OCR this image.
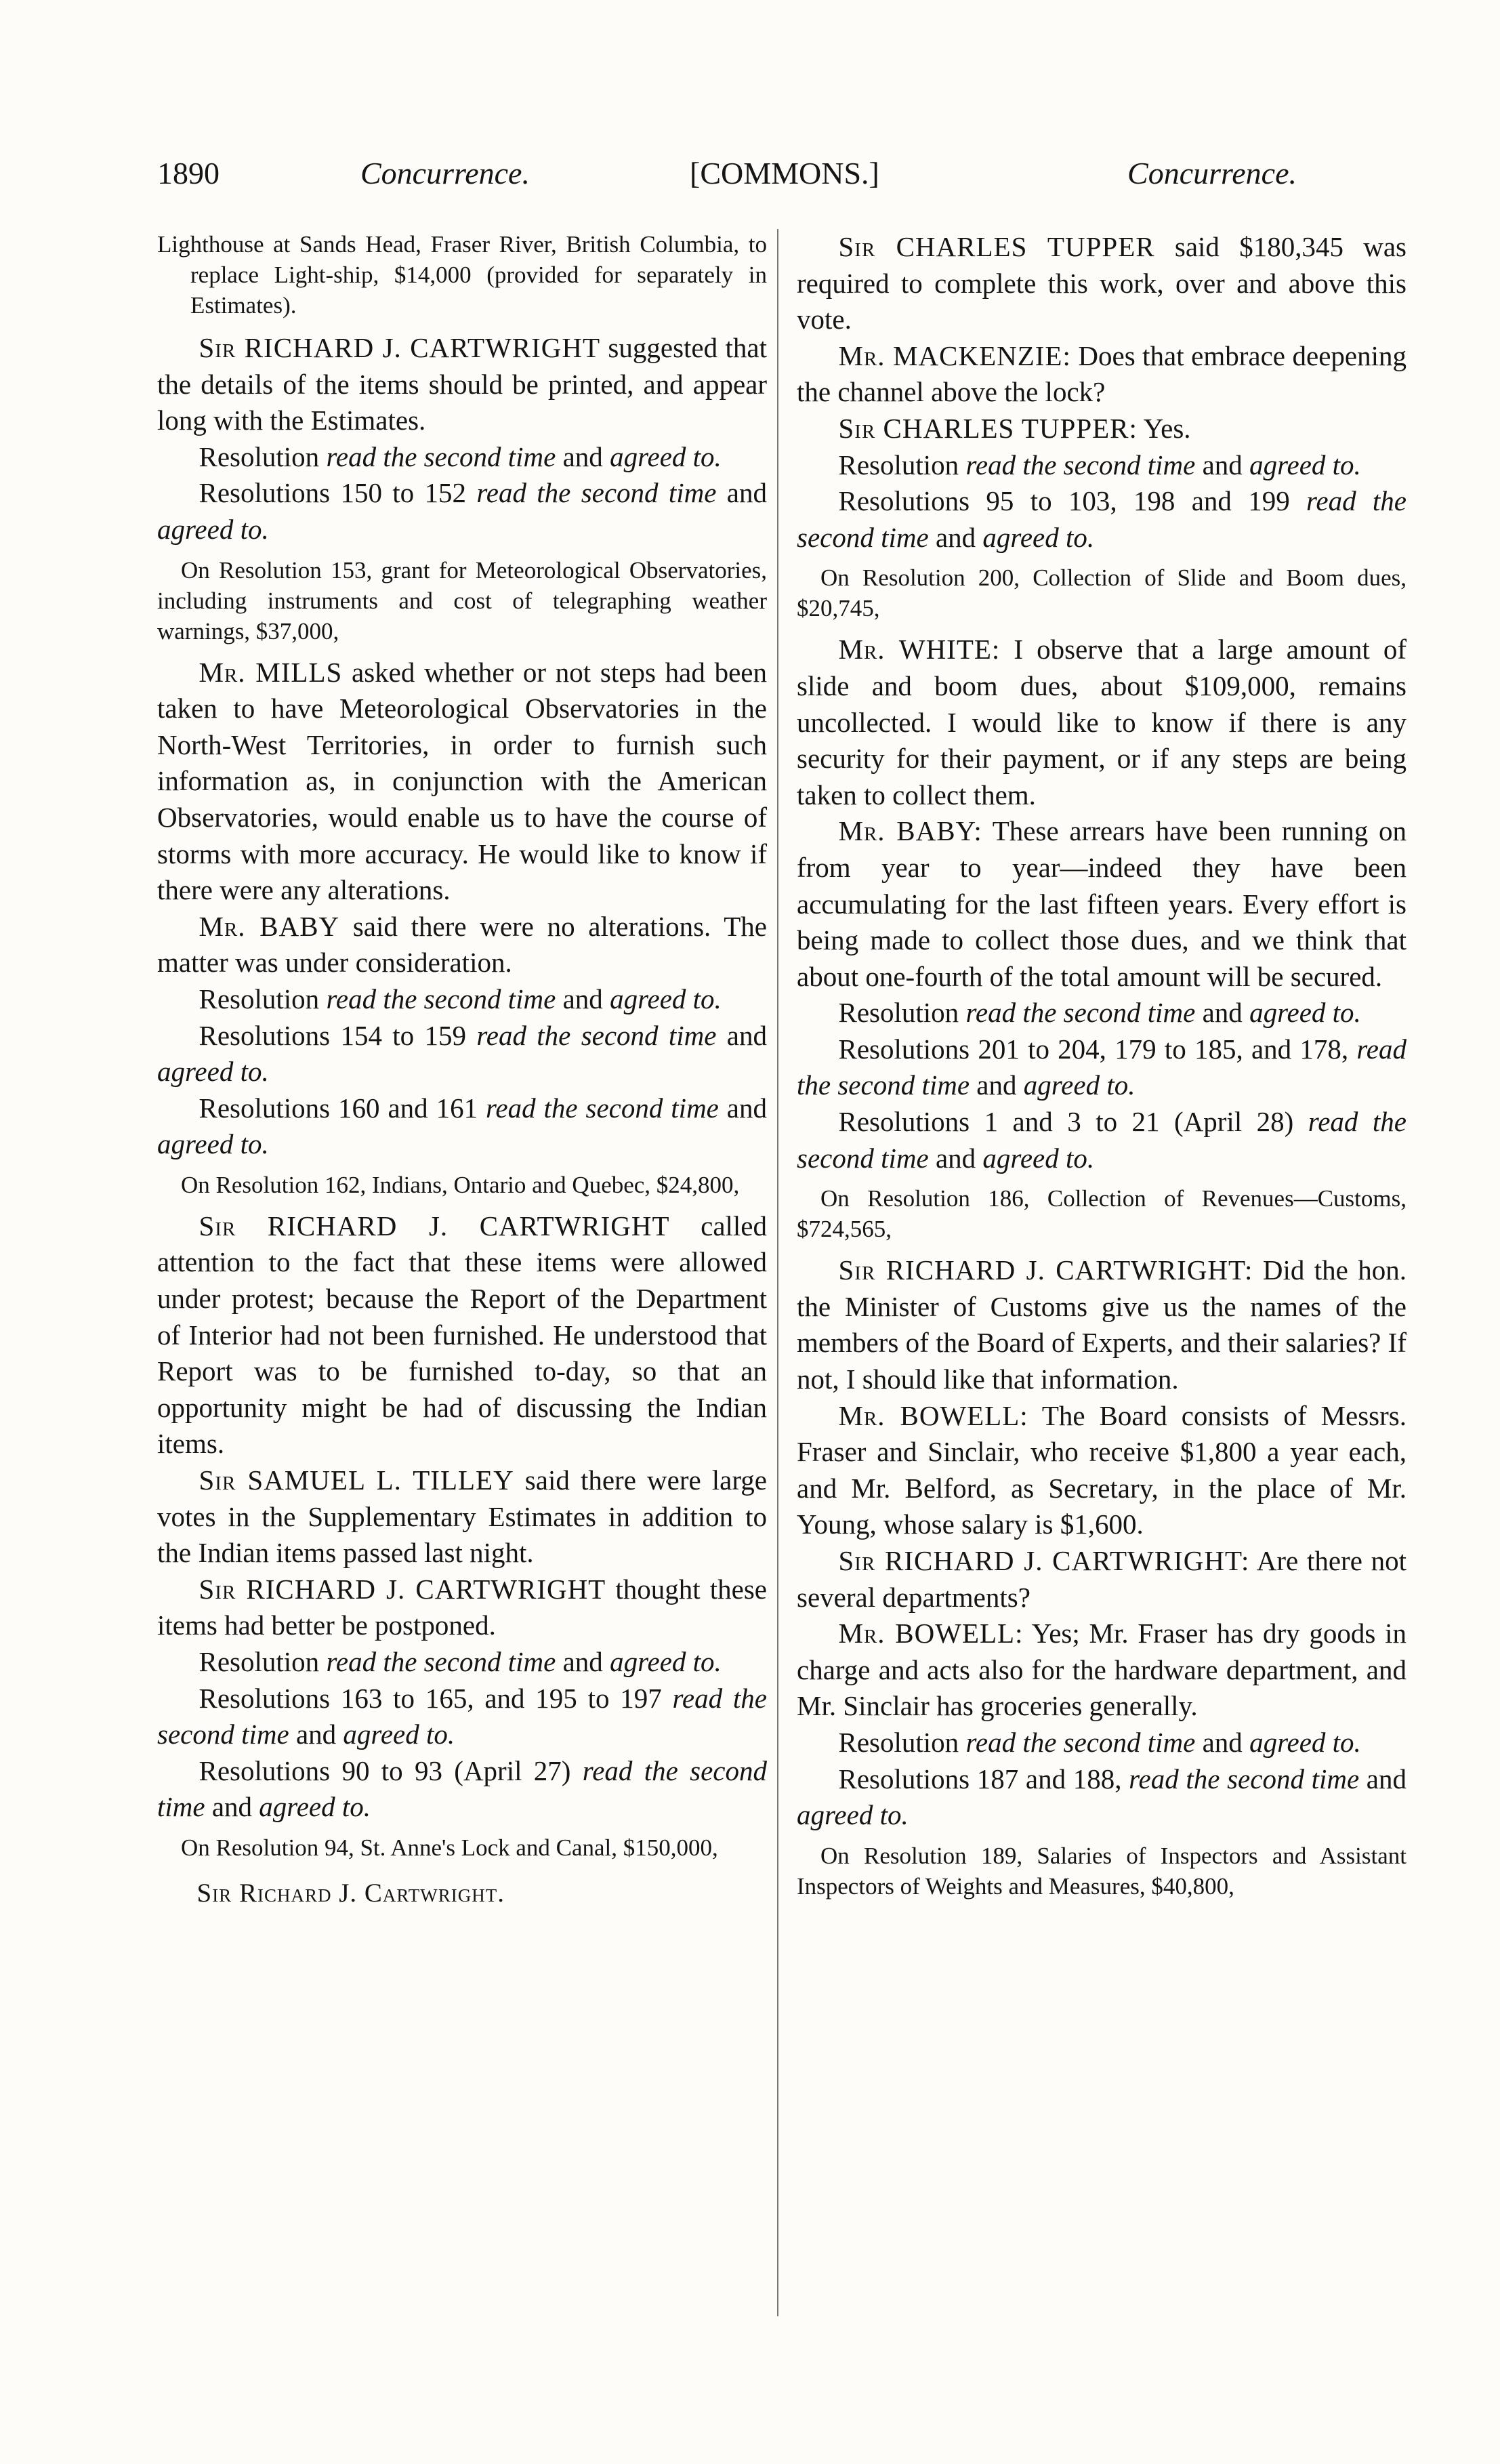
1890	Concurrence.	[COMMONS.]	Concurrence.

Lighthouse at Sands Head, Fraser River, British Columbia, to replace Light-ship, $14,000 (provided for separately in Estimates).

Sir RICHARD J. CARTWRIGHT suggested that the details of the items should be printed, and appear long with the Estimates.

Resolution read the second time and agreed to.

Resolutions 150 to 152 read the second time and agreed to.

On Resolution 153, grant for Meteorological Observatories, including instruments and cost of telegraphing weather warnings, $37,000,

Mr. MILLS asked whether or not steps had been taken to have Meteorological Observatories in the North-West Territories, in order to furnish such information as, in conjunction with the American Observatories, would enable us to have the course of storms with more accuracy. He would like to know if there were any alterations.

Mr. BABY said there were no alterations. The matter was under consideration.

Resolution read the second time and agreed to.

Resolutions 154 to 159 read the second time and agreed to.

Resolutions 160 and 161 read the second time and agreed to.

On Resolution 162, Indians, Ontario and Quebec, $24,800,

Sir RICHARD J. CARTWRIGHT called attention to the fact that these items were allowed under protest; because the Report of the Department of Interior had not been furnished. He understood that Report was to be furnished to-day, so that an opportunity might be had of discussing the Indian items.

Sir SAMUEL L. TILLEY said there were large votes in the Supplementary Estimates in addition to the Indian items passed last night.

Sir RICHARD J. CARTWRIGHT thought these items had better be postponed.

Resolution read the second time and agreed to.

Resolutions 163 to 165, and 195 to 197 read the second time and agreed to.

Resolutions 90 to 93 (April 27) read the second time and agreed to.

On Resolution 94, St. Anne's Lock and Canal, $150,000,

Sir Richard J. Cartwright.

Sir CHARLES TUPPER said $180,345 was required to complete this work, over and above this vote.

Mr. MACKENZIE: Does that embrace deepening the channel above the lock?

Sir CHARLES TUPPER: Yes.

Resolution read the second time and agreed to.

Resolutions 95 to 103, 198 and 199 read the second time and agreed to.

On Resolution 200, Collection of Slide and Boom dues, $20,745,

Mr. WHITE: I observe that a large amount of slide and boom dues, about $109,000, remains uncollected. I would like to know if there is any security for their payment, or if any steps are being taken to collect them.

Mr. BABY: These arrears have been running on from year to year—indeed they have been accumulating for the last fifteen years. Every effort is being made to collect those dues, and we think that about one-fourth of the total amount will be secured.

Resolution read the second time and agreed to.

Resolutions 201 to 204, 179 to 185, and 178, read the second time and agreed to.

Resolutions 1 and 3 to 21 (April 28) read the second time and agreed to.

On Resolution 186, Collection of Revenues—Customs, $724,565,

Sir RICHARD J. CARTWRIGHT: Did the hon. the Minister of Customs give us the names of the members of the Board of Experts, and their salaries? If not, I should like that information.

Mr. BOWELL: The Board consists of Messrs. Fraser and Sinclair, who receive $1,800 a year each, and Mr. Belford, as Secretary, in the place of Mr. Young, whose salary is $1,600.

Sir RICHARD J. CARTWRIGHT: Are there not several departments?

Mr. BOWELL: Yes; Mr. Fraser has dry goods in charge and acts also for the hardware department, and Mr. Sinclair has groceries generally.

Resolution read the second time and agreed to.

Resolutions 187 and 188, read the second time and agreed to.

On Resolution 189, Salaries of Inspectors and Assistant Inspectors of Weights and Measures, $40,800,
